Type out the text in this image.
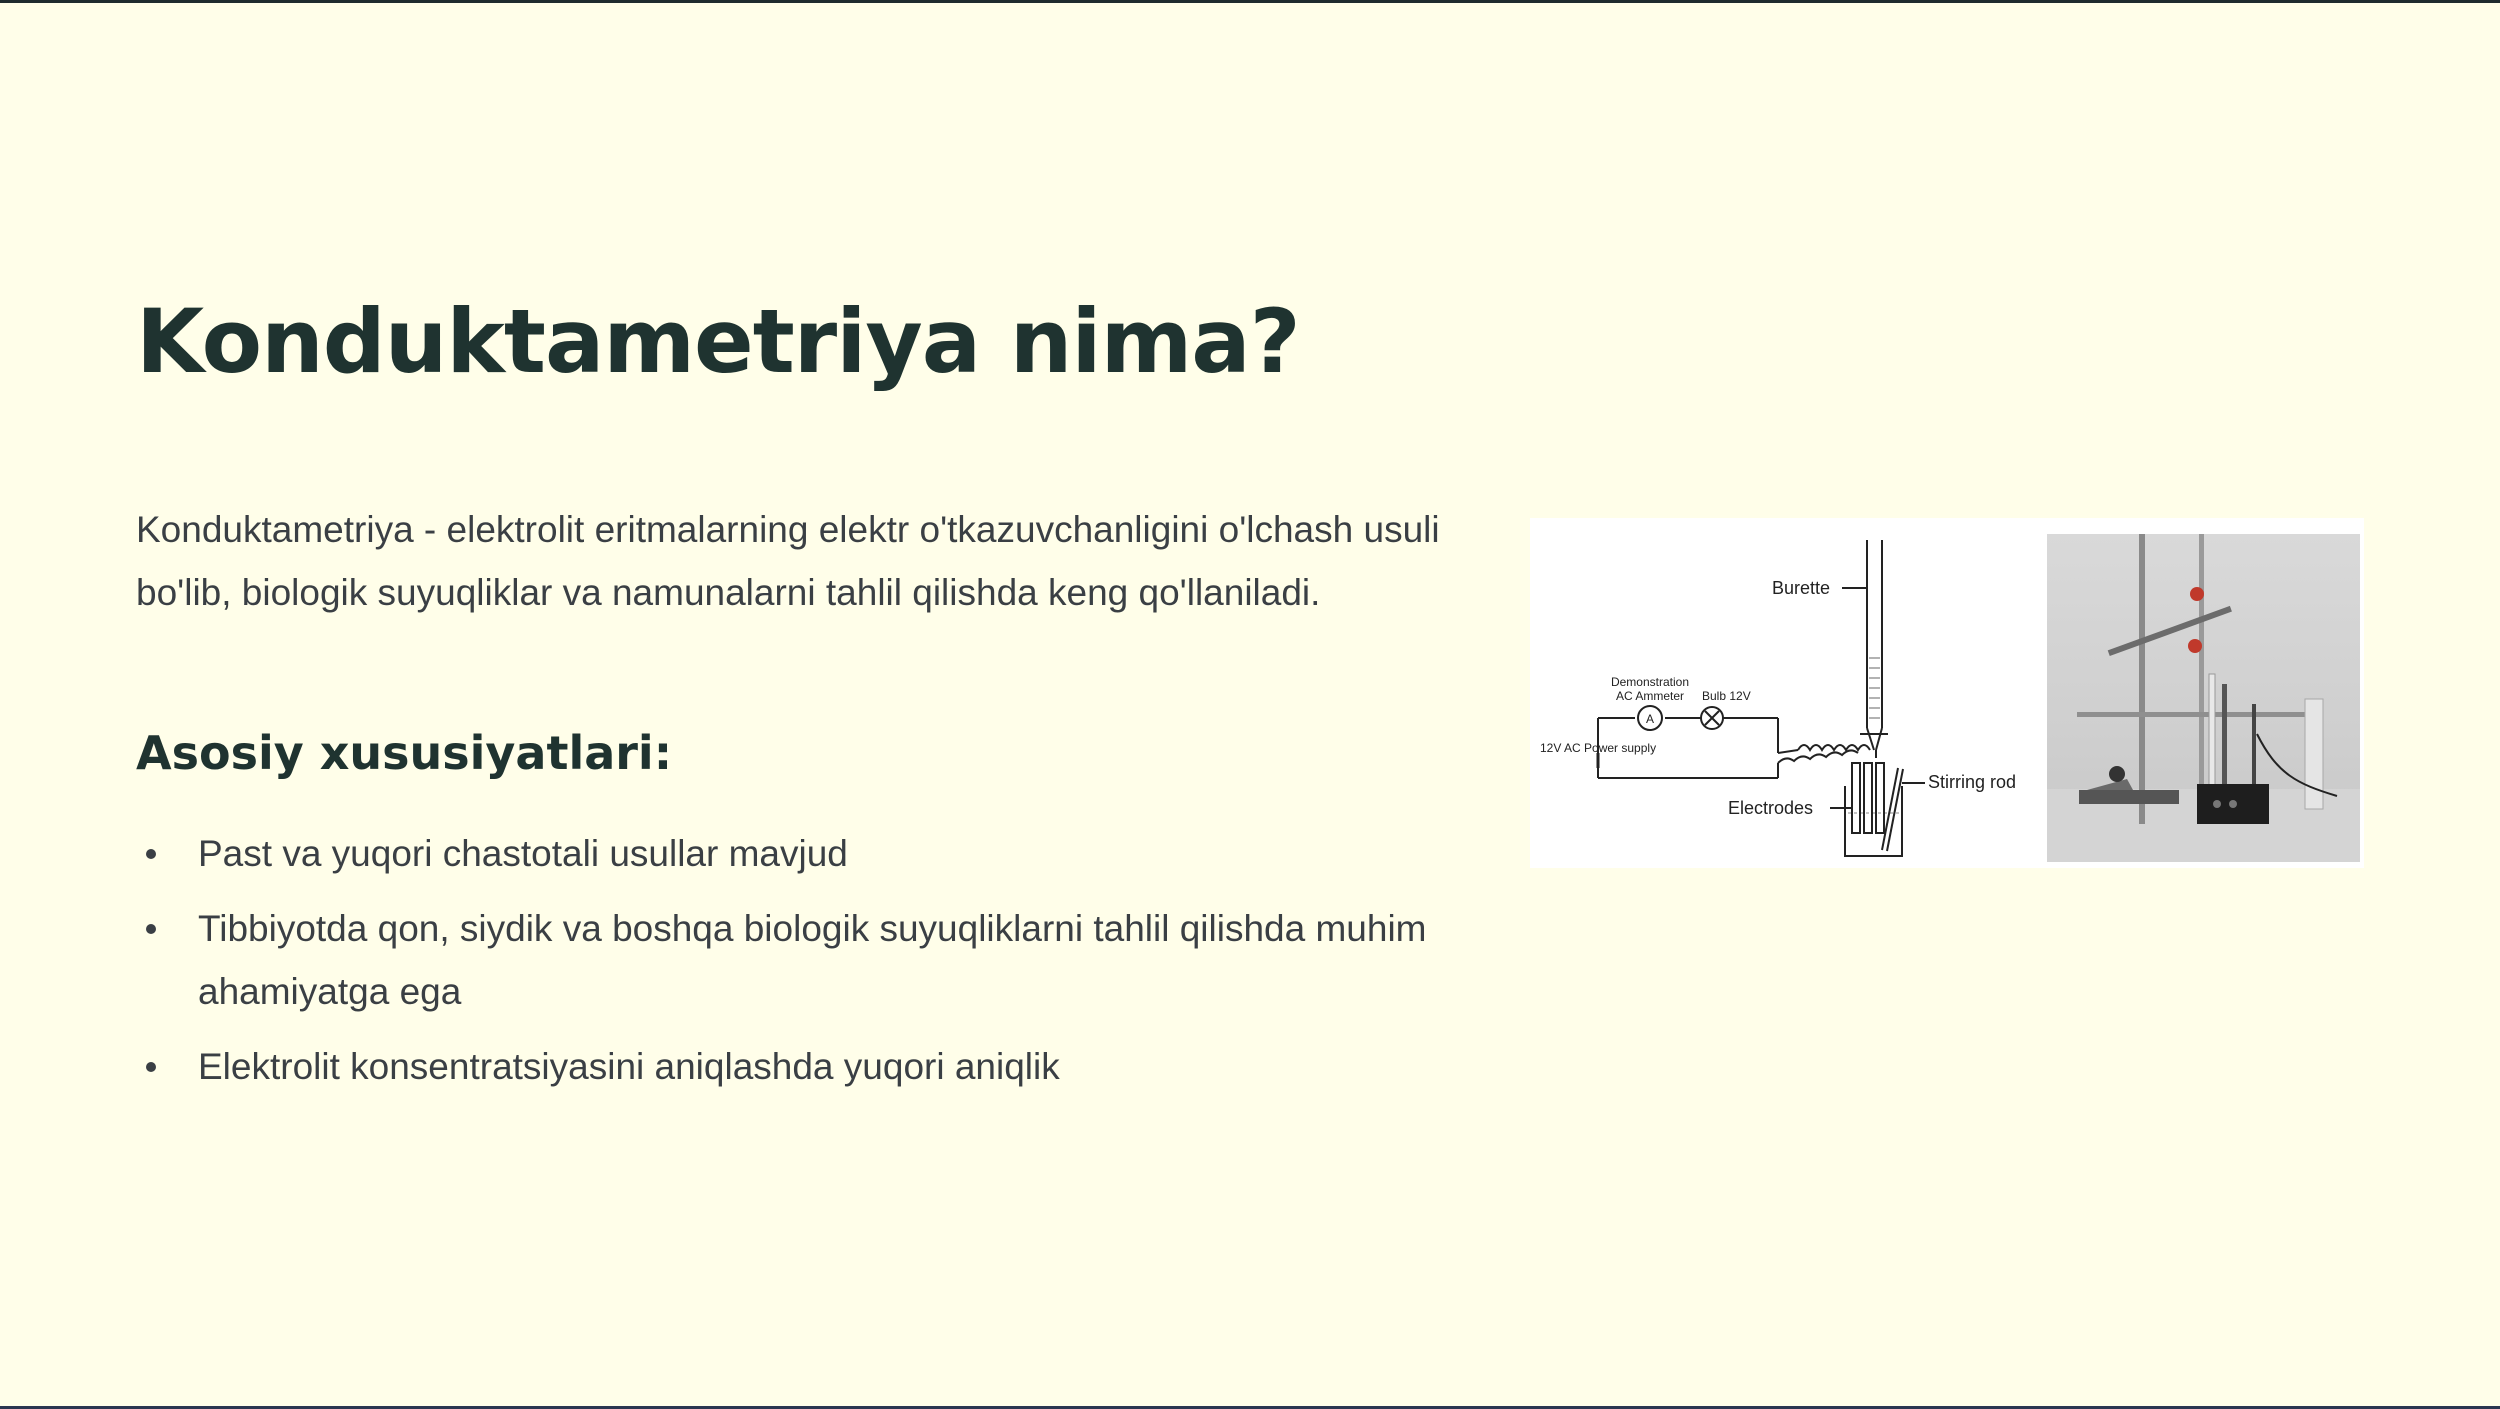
Konduktametriya nima?
Konduktametriya - elektrolit eritmalarning elektr o'tkazuvchanligini o'lchash usuli bo'lib, biologik suyuqliklar va namunalarni tahlil qilishda keng qo'llaniladi.
Asosiy xususiyatlari:
Past va yuqori chastotali usullar mavjud
Tibbiyotda qon, siydik va boshqa biologik suyuqliklarni tahlil qilishda muhim ahamiyatga ega
Elektrolit konsentratsiyasini aniqlashda yuqori aniqlik
Burette
A
Demonstration
AC Ammeter Bulb 12V
12V AC Power supply
Electrodes
Stirring rod
